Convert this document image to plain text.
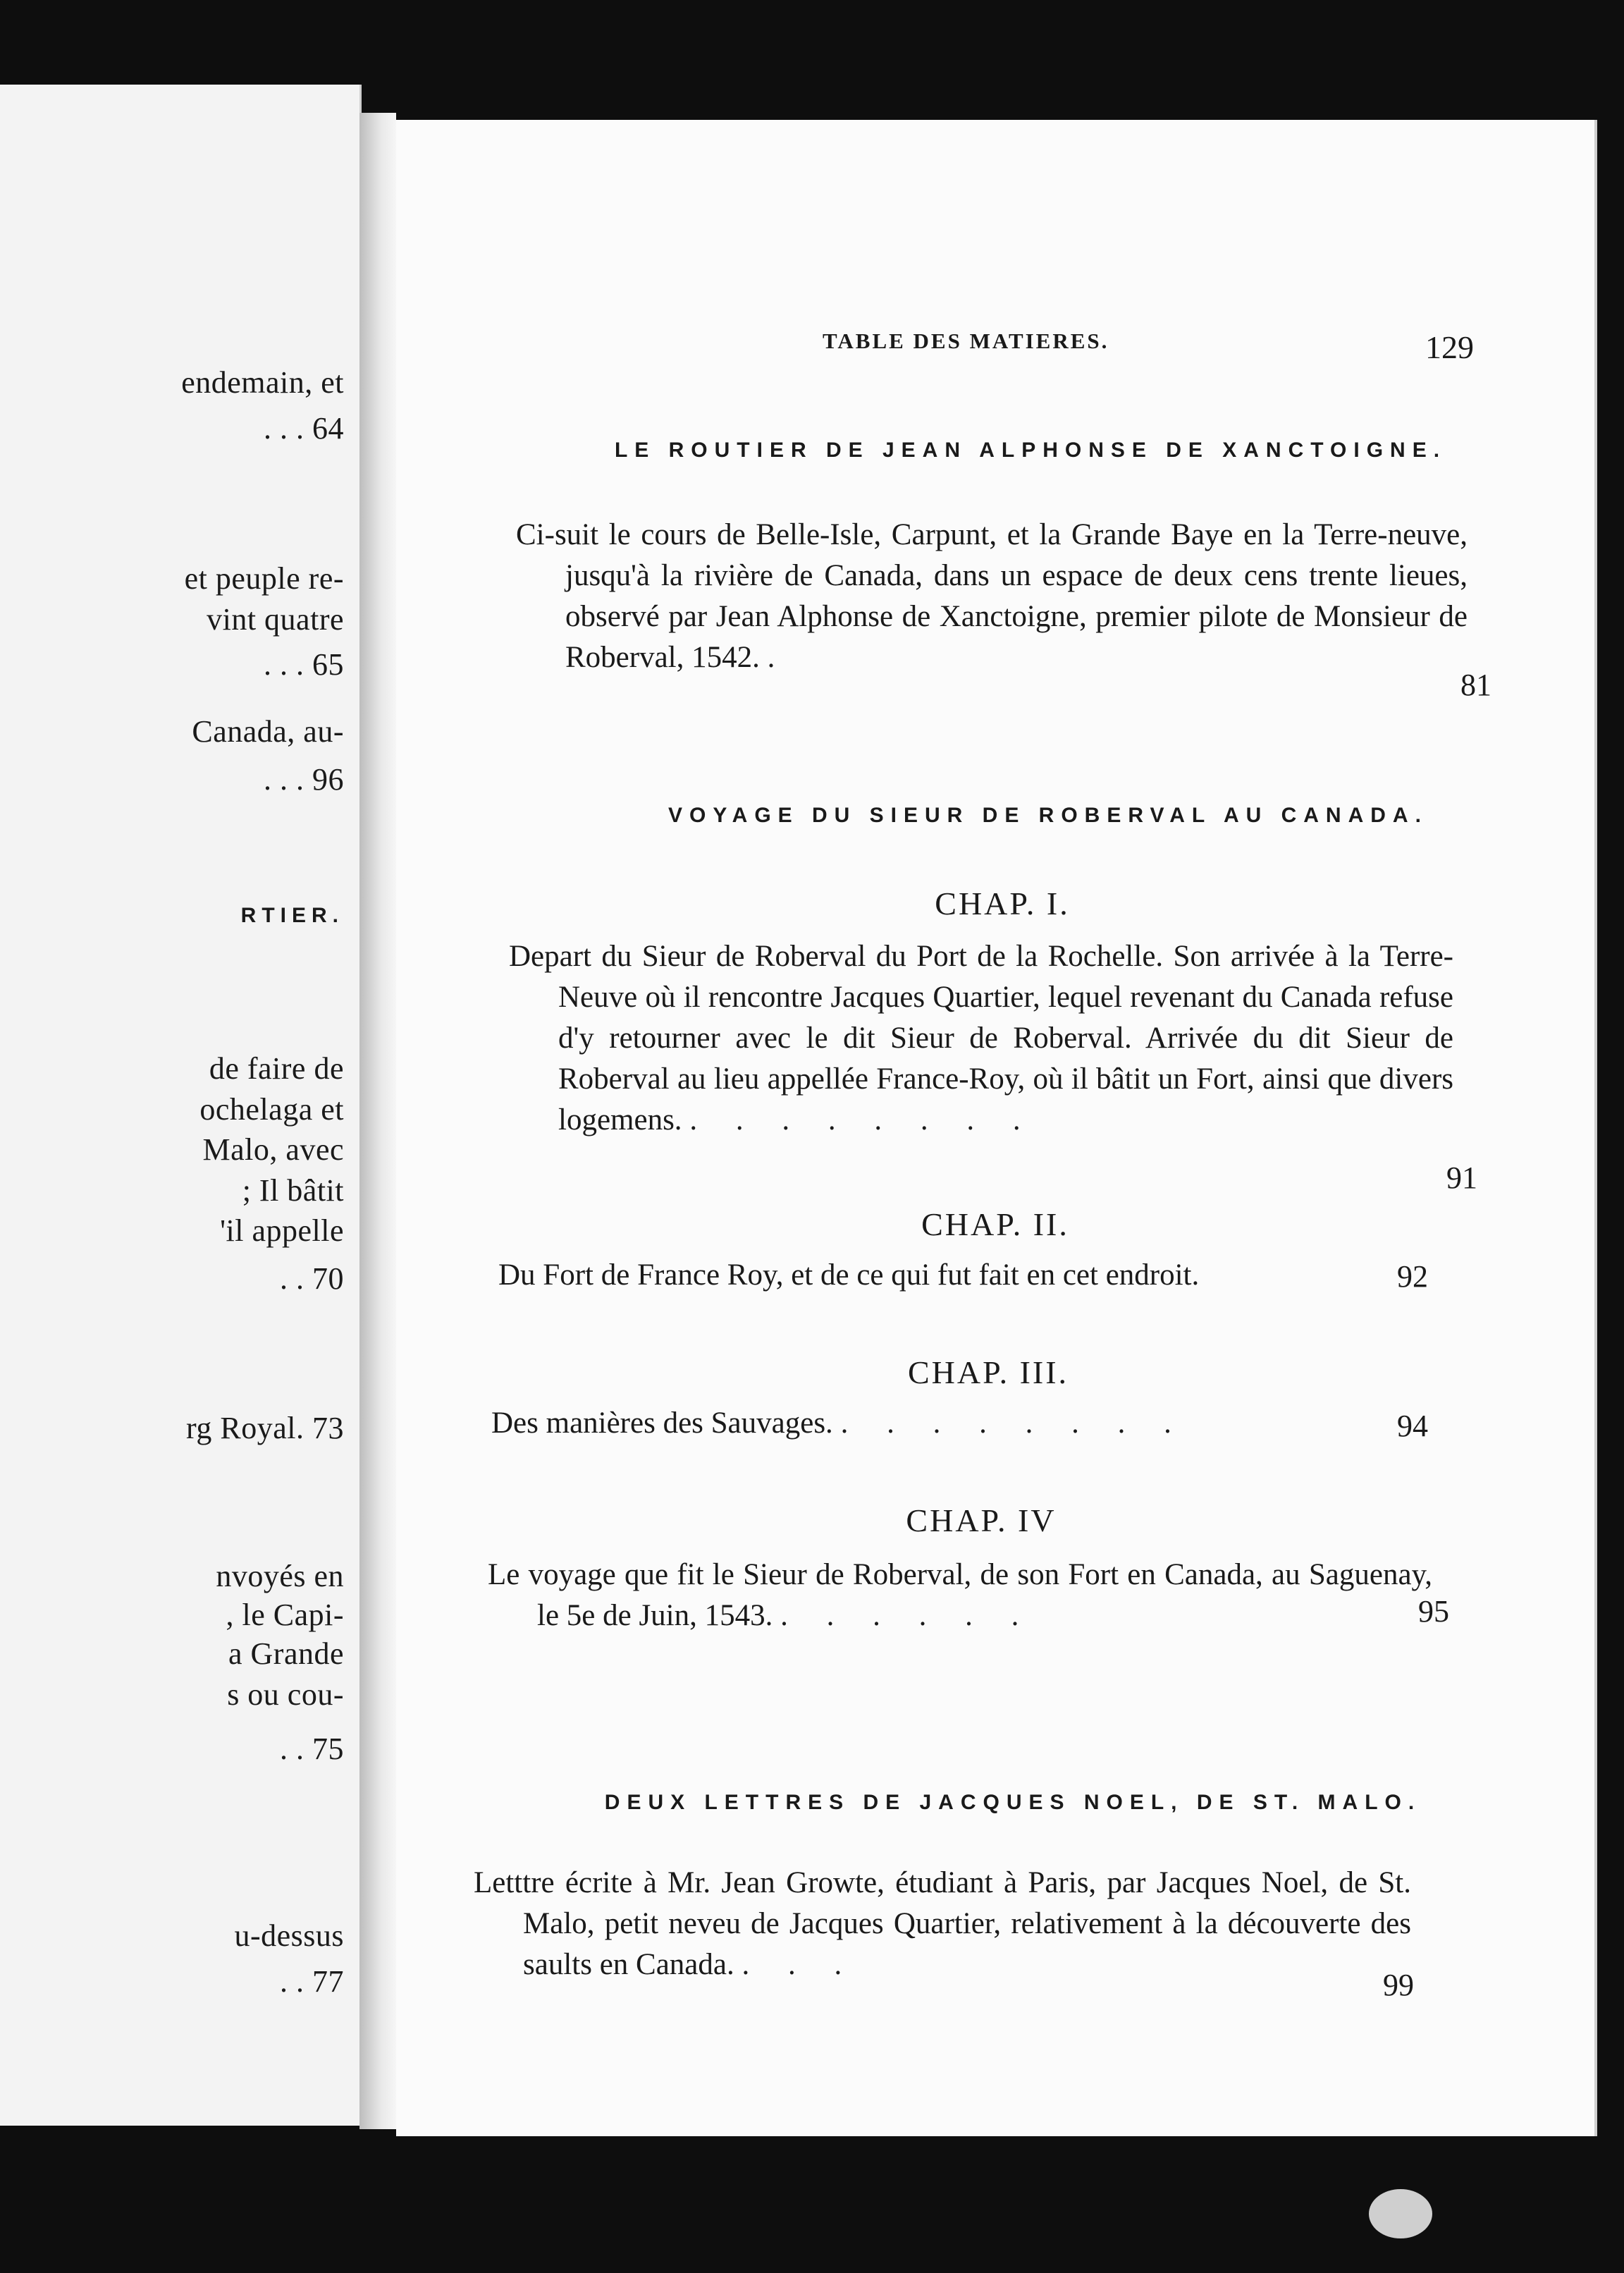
endemain, et
. . . 64
et peuple re-
vint quatre
. . . 65
Canada, au-
. . . 96
RTIER.
de faire de
ochelaga et
Malo, avec
; Il bâtit
'il appelle
. . 70
rg Royal. 73
nvoyés en
, le Capi-
a Grande
s ou cou-
. . 75
u-dessus
. . 77
TABLE DES MATIERES.	129
LE ROUTIER DE JEAN ALPHONSE DE XANCTOIGNE.
Ci-suit le cours de Belle-Isle, Carpunt, et la Grande Baye en la Terre-neuve, jusqu'à la rivière de Canada, dans un espace de deux cens trente lieues, observé par Jean Alphonse de Xanctoigne, premier pilote de Monsieur de Roberval, 1542. .
81
VOYAGE DU SIEUR DE ROBERVAL AU CANADA.
CHAP. I.
Depart du Sieur de Roberval du Port de la Rochelle. Son arrivée à la Terre-Neuve où il rencontre Jacques Quartier, lequel revenant du Canada refuse d'y retourner avec le dit Sieur de Roberval. Arrivée du dit Sieur de Roberval au lieu appellée France-Roy, où il bâtit un Fort, ainsi que divers logemens. . . . . . . . .
91
CHAP. II.
Du Fort de France Roy, et de ce qui fut fait en cet endroit.	92
CHAP. III.
Des manières des Sauvages. . . . . . . . .	94
CHAP. IV
Le voyage que fit le Sieur de Roberval, de son Fort en Canada, au Saguenay, le 5e de Juin, 1543. . . . . . .	95
DEUX LETTRES DE JACQUES NOEL, DE ST. MALO.
Letttre écrite à Mr. Jean Growte, étudiant à Paris, par Jacques Noel, de St. Malo, petit neveu de Jacques Quartier, relativement à la découverte des saults en Canada. . . .
99
